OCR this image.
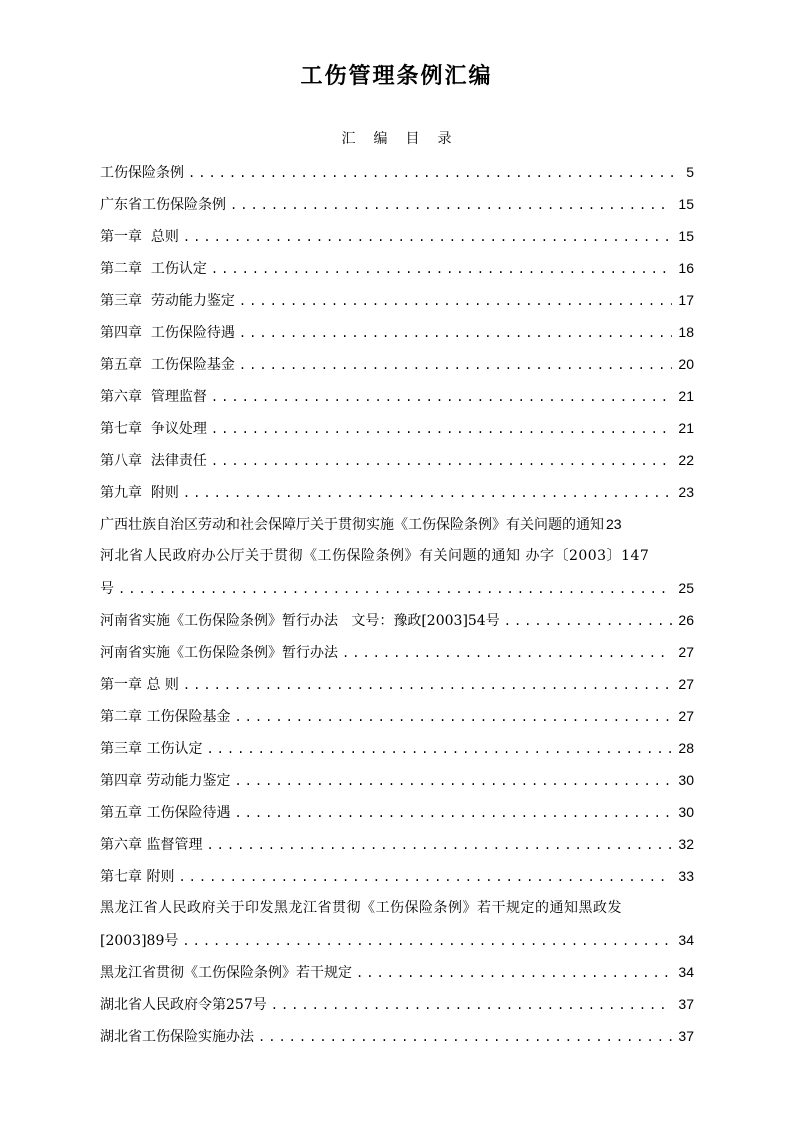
工伤管理条例汇编
汇编目录
工伤保险条例 .....	5
广东省工伤保险条例 .....	15
第一章  总则 .....	15
第二章  工伤认定 .....	16
第三章  劳动能力鉴定 .....	17
第四章  工伤保险待遇 .....	18
第五章  工伤保险基金 .....	20
第六章  管理监督 .....	21
第七章  争议处理 .....	21
第八章  法律责任 .....	22
第九章  附则 .....	23
广西壮族自治区劳动和社会保障厅关于贯彻实施《工伤保险条例》有关问题的通知 23
河北省人民政府办公厅关于贯彻《工伤保险条例》有关问题的通知 办字〔2003〕147
号 .....	25
河南省实施《工伤保险条例》暂行办法   文号：豫政[2003]54号 .....	26
河南省实施《工伤保险条例》暂行办法 .....	27
第一章 总 则 .....	27
第二章 工伤保险基金 .....	27
第三章 工伤认定 .....	28
第四章 劳动能力鉴定 .....	30
第五章 工伤保险待遇 .....	30
第六章 监督管理 .....	32
第七章 附则 .....	33
黑龙江省人民政府关于印发黑龙江省贯彻《工伤保险条例》若干规定的通知黑政发
[2003]89号 .....	34
黑龙江省贯彻《工伤保险条例》若干规定 .....	34
湖北省人民政府令第257号 .....	37
湖北省工伤保险实施办法 .....	37
